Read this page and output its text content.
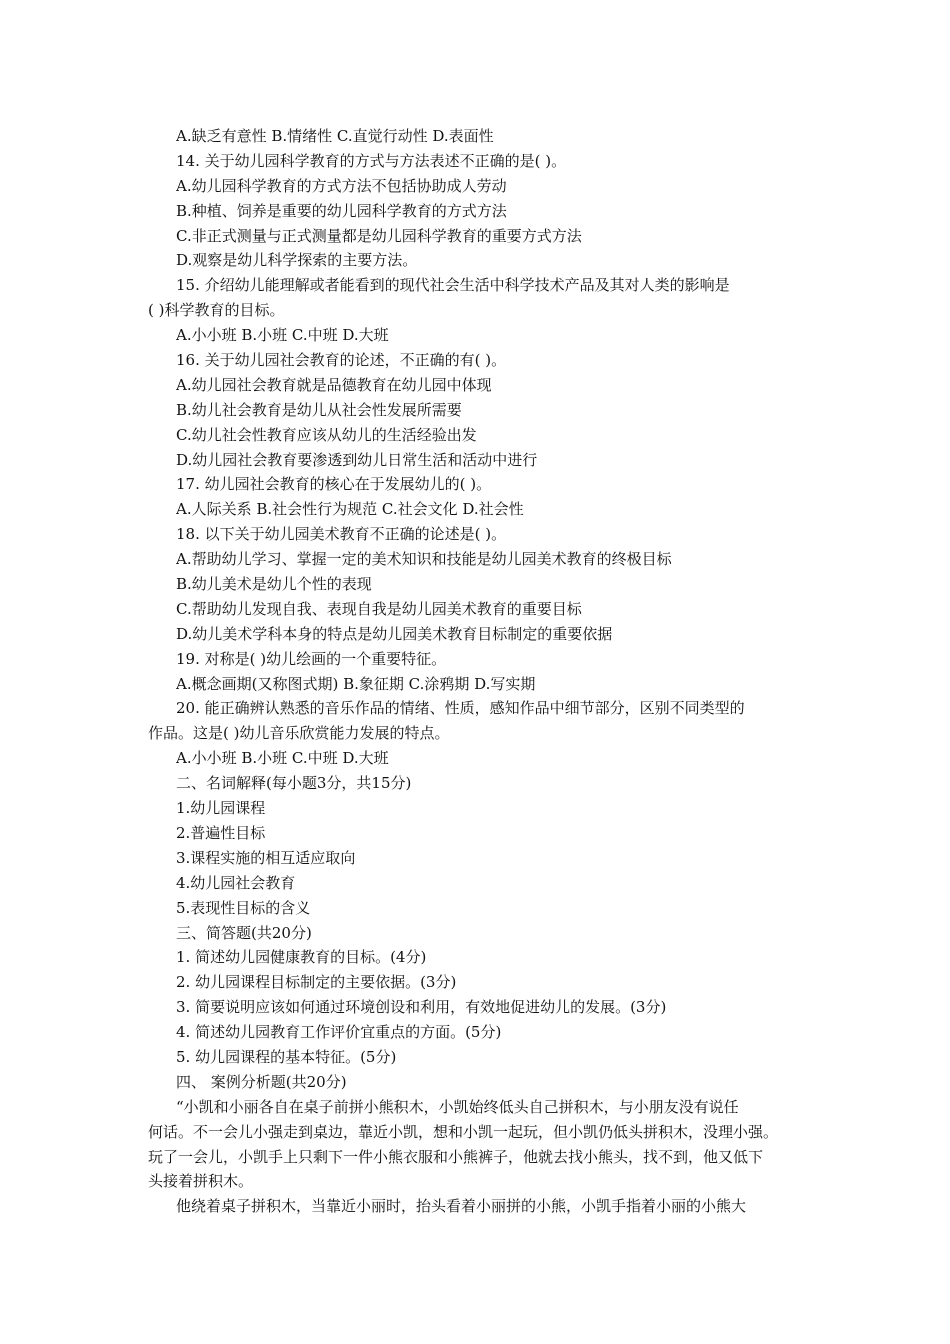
A.缺乏有意性 B.情绪性 C.直觉行动性 D.表面性
14. 关于幼儿园科学教育的方式与方法表述不正确的是( )。
A.幼儿园科学教育的方式方法不包括协助成人劳动
B.种植、饲养是重要的幼儿园科学教育的方式方法
C.非正式测量与正式测量都是幼儿园科学教育的重要方式方法
D.观察是幼儿科学探索的主要方法。
15. 介绍幼儿能理解或者能看到的现代社会生活中科学技术产品及其对人类的影响是
( )科学教育的目标。
A.小小班 B.小班 C.中班 D.大班
16. 关于幼儿园社会教育的论述，不正确的有( )。
A.幼儿园社会教育就是品德教育在幼儿园中体现
B.幼儿社会教育是幼儿从社会性发展所需要
C.幼儿社会性教育应该从幼儿的生活经验出发
D.幼儿园社会教育要渗透到幼儿日常生活和活动中进行
17. 幼儿园社会教育的核心在于发展幼儿的( )。
A.人际关系 B.社会性行为规范 C.社会文化 D.社会性
18. 以下关于幼儿园美术教育不正确的论述是( )。
A.帮助幼儿学习、掌握一定的美术知识和技能是幼儿园美术教育的终极目标
B.幼儿美术是幼儿个性的表现
C.帮助幼儿发现自我、表现自我是幼儿园美术教育的重要目标
D.幼儿美术学科本身的特点是幼儿园美术教育目标制定的重要依据
19. 对称是( )幼儿绘画的一个重要特征。
A.概念画期(又称图式期) B.象征期 C.涂鸦期 D.写实期
20. 能正确辨认熟悉的音乐作品的情绪、性质，感知作品中细节部分，区别不同类型的
作品。这是( )幼儿音乐欣赏能力发展的特点。
A.小小班 B.小班 C.中班 D.大班
二、名词解释(每小题3分，共15分)
1.幼儿园课程
2.普遍性目标
3.课程实施的相互适应取向
4.幼儿园社会教育
5.表现性目标的含义
三、简答题(共20分)
1. 简述幼儿园健康教育的目标。(4分)
2. 幼儿园课程目标制定的主要依据。(3分)
3. 简要说明应该如何通过环境创设和利用，有效地促进幼儿的发展。(3分)
4. 简述幼儿园教育工作评价宜重点的方面。(5分)
5. 幼儿园课程的基本特征。(5分)
四、 案例分析题(共20分)
“小凯和小丽各自在桌子前拼小熊积木，小凯始终低头自己拼积木，与小朋友没有说任
何话。不一会儿小强走到桌边，靠近小凯，想和小凯一起玩，但小凯仍低头拼积木，没理小强。
玩了一会儿，小凯手上只剩下一件小熊衣服和小熊裤子，他就去找小熊头，找不到，他又低下
头接着拼积木。
他绕着桌子拼积木，当靠近小丽时，抬头看着小丽拼的小熊，小凯手指着小丽的小熊大
